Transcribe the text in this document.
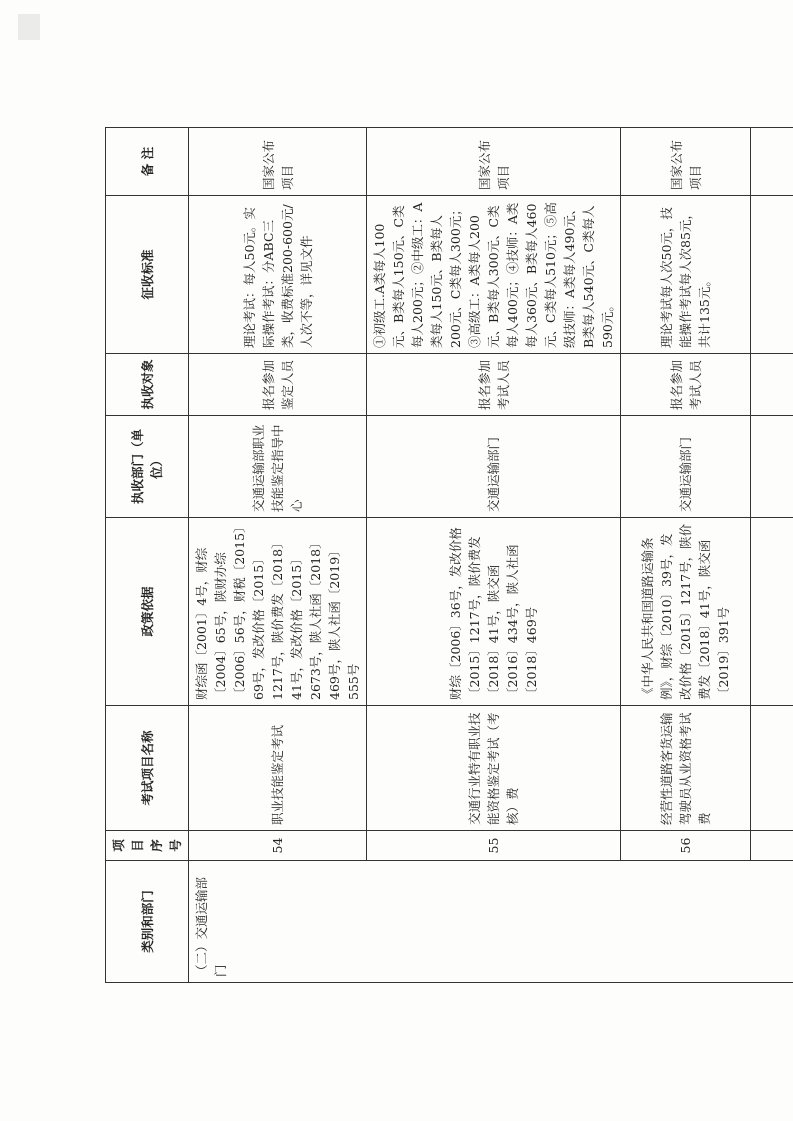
类别和部门	项目序号	考试项目名称	政策依据	执收部门（单位）	执收对象	征收标准	备 注
（二）交通运输部门	54	职业技能鉴定考试	财综函〔2001〕4号，财综〔2004〕65号，陕财办综〔2006〕56号，财税〔2015〕69号，发改价格〔2015〕1217号，陕价费发〔2018〕41号，发改价格〔2015〕2673号，陕人社函〔2018〕469号，陕人社函〔2019〕555号	交通运输部职业技能鉴定指导中心	报名参加鉴定人员	理论考试：每人50元。实际操作考试：分ABC三类，收费标准200-600元/人次不等，详见文件	国家公布项目
	55	交通行业特有职业技能资格鉴定考试（考核）费	财综〔2006〕36号，发改价格〔2015〕1217号，陕价费发〔2018〕41号，陕交函〔2016〕434号，陕人社函〔2018〕469号	交通运输部门	报名参加考试人员	①初级工.A类每人100元、B类每人150元、C类每人200元；②中级工：A类每人150元、B类每人200元、C类每人300元；③高级工：A类每人200元、B类每人300元、C类每人400元；④技师：A类每人360元、B类每人460元、C类每人510元；⑤高级技师：A类每人490元、B类每人540元、C类每人590元。	国家公布项目
	56	经营性道路客货运输驾驶员从业资格考试费	《中华人民共和国道路运输条例》，财综〔2010〕39号，发改价格〔2015〕1217号，陕价费发〔2018〕41号，陕交函〔2019〕391号	交通运输部门	报名参加考试人员	理论考试每人次50元，技能操作考试每人次85元，共计135元。	国家公布项目
